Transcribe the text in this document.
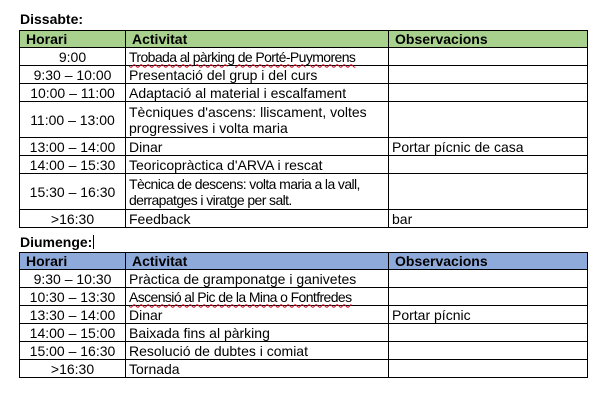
Dissabte:
Horari	Activitat	Observacions
9:00	Trobada al pàrking de Porté-Puymorens	
9:30 – 10:00	Presentació del grup i del curs	
10:00 – 11:00	Adaptació al material i escalfament	
11:00 – 13:00	Tècniques d'ascens: lliscament, voltes progressives i volta maria	
13:00 – 14:00	Dinar	Portar pícnic de casa
14:00 – 15:30	Teoricopràctica d'ARVA i rescat	
15:30 – 16:30	Tècnica de descens: volta maria a la vall, derrapatges i viratge per salt.	
>16:30	Feedback	bar
Diumenge:
Horari	Activitat	Observacions
9:30 – 10:30	Pràctica de gramponatge i ganivetes	
10:30 – 13:30	Ascensió al Pic de la Mina o Fontfredes	
13:30 – 14:00	Dinar	Portar pícnic
14:00 – 15:00	Baixada fins al pàrking	
15:00 – 16:30	Resolució de dubtes i comiat	
>16:30	Tornada	
